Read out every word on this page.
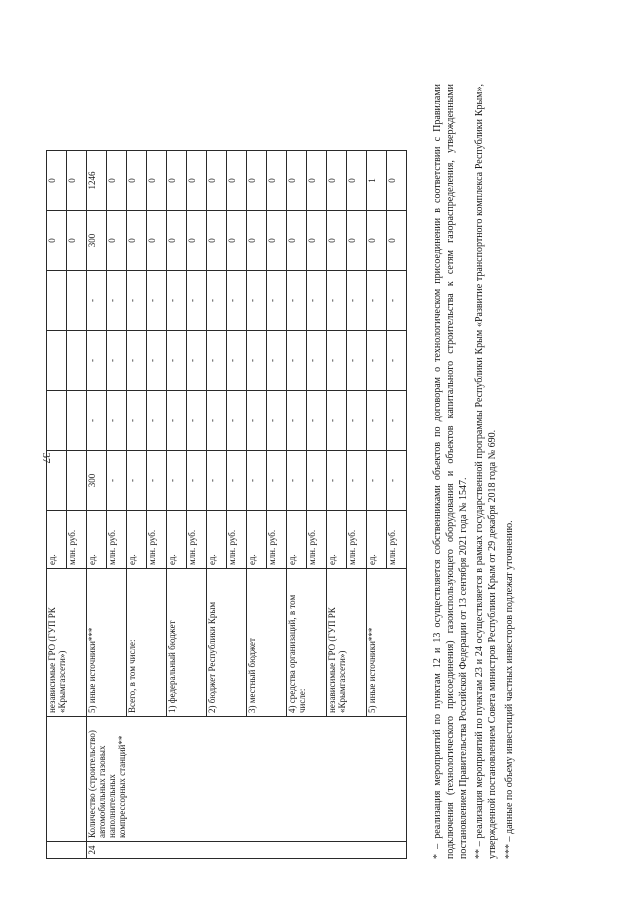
37
		независимые ГРО (ГУП РК «Крымгазсети»)	ед.					0	0
			млн. руб.					0	0
24	Количество (строительство) автомобильных газовых наполнительных компрессорных станций**	5) иные источники***	ед.	300	-	-	-	300	1246
			млн. руб.	-	-	-	-	0	0
		Всего, в том числе:	ед.	-	-	-	-	0	0
			млн. руб.	-	-	-	-	0	0
		1) федеральный бюджет	ед.	-	-	-	-	0	0
			млн. руб.	-	-	-	-	0	0
		2) бюджет Республики Крым	ед.	-	-	-	-	0	0
			млн. руб.	-	-	-	-	0	0
		3) местный бюджет	ед.	-	-	-	-	0	0
			млн. руб.	-	-	-	-	0	0
		4) средства организаций, в том числе:	ед.	-	-	-	-	0	0
			млн. руб.	-	-	-	-	0	0
		независимые ГРО (ГУП РК «Крымгазсети»)	ед.	-	-	-	-	0	0
			млн. руб.	-	-	-	-	0	0
		5) иные источники***	ед.	-	-	-	-	0	1
			млн. руб.	-	-	-	-	0	0	* – реализация мероприятий по пунктам 12 и 13 осуществляется собственниками объектов по договорам о технологическом присоединении в соответствии с Правилами подключения (технологического присоединения) газоиспользующего оборудования и объектов капитального строительства к сетям газораспределения, утвержденными постановлением Правительства Российской Федерации от 13 сентября 2021 года № 1547. ** – реализация мероприятий по пунктам 23 и 24 осуществляется в рамках государственной программы Республики Крым «Развитие транспортного комплекса Республики Крым», утвержденной постановлением Совета министров Республики Крым от 29 декабря 2018 года № 690. *** – данные по объему инвестиций частных инвесторов подлежат уточнению.
